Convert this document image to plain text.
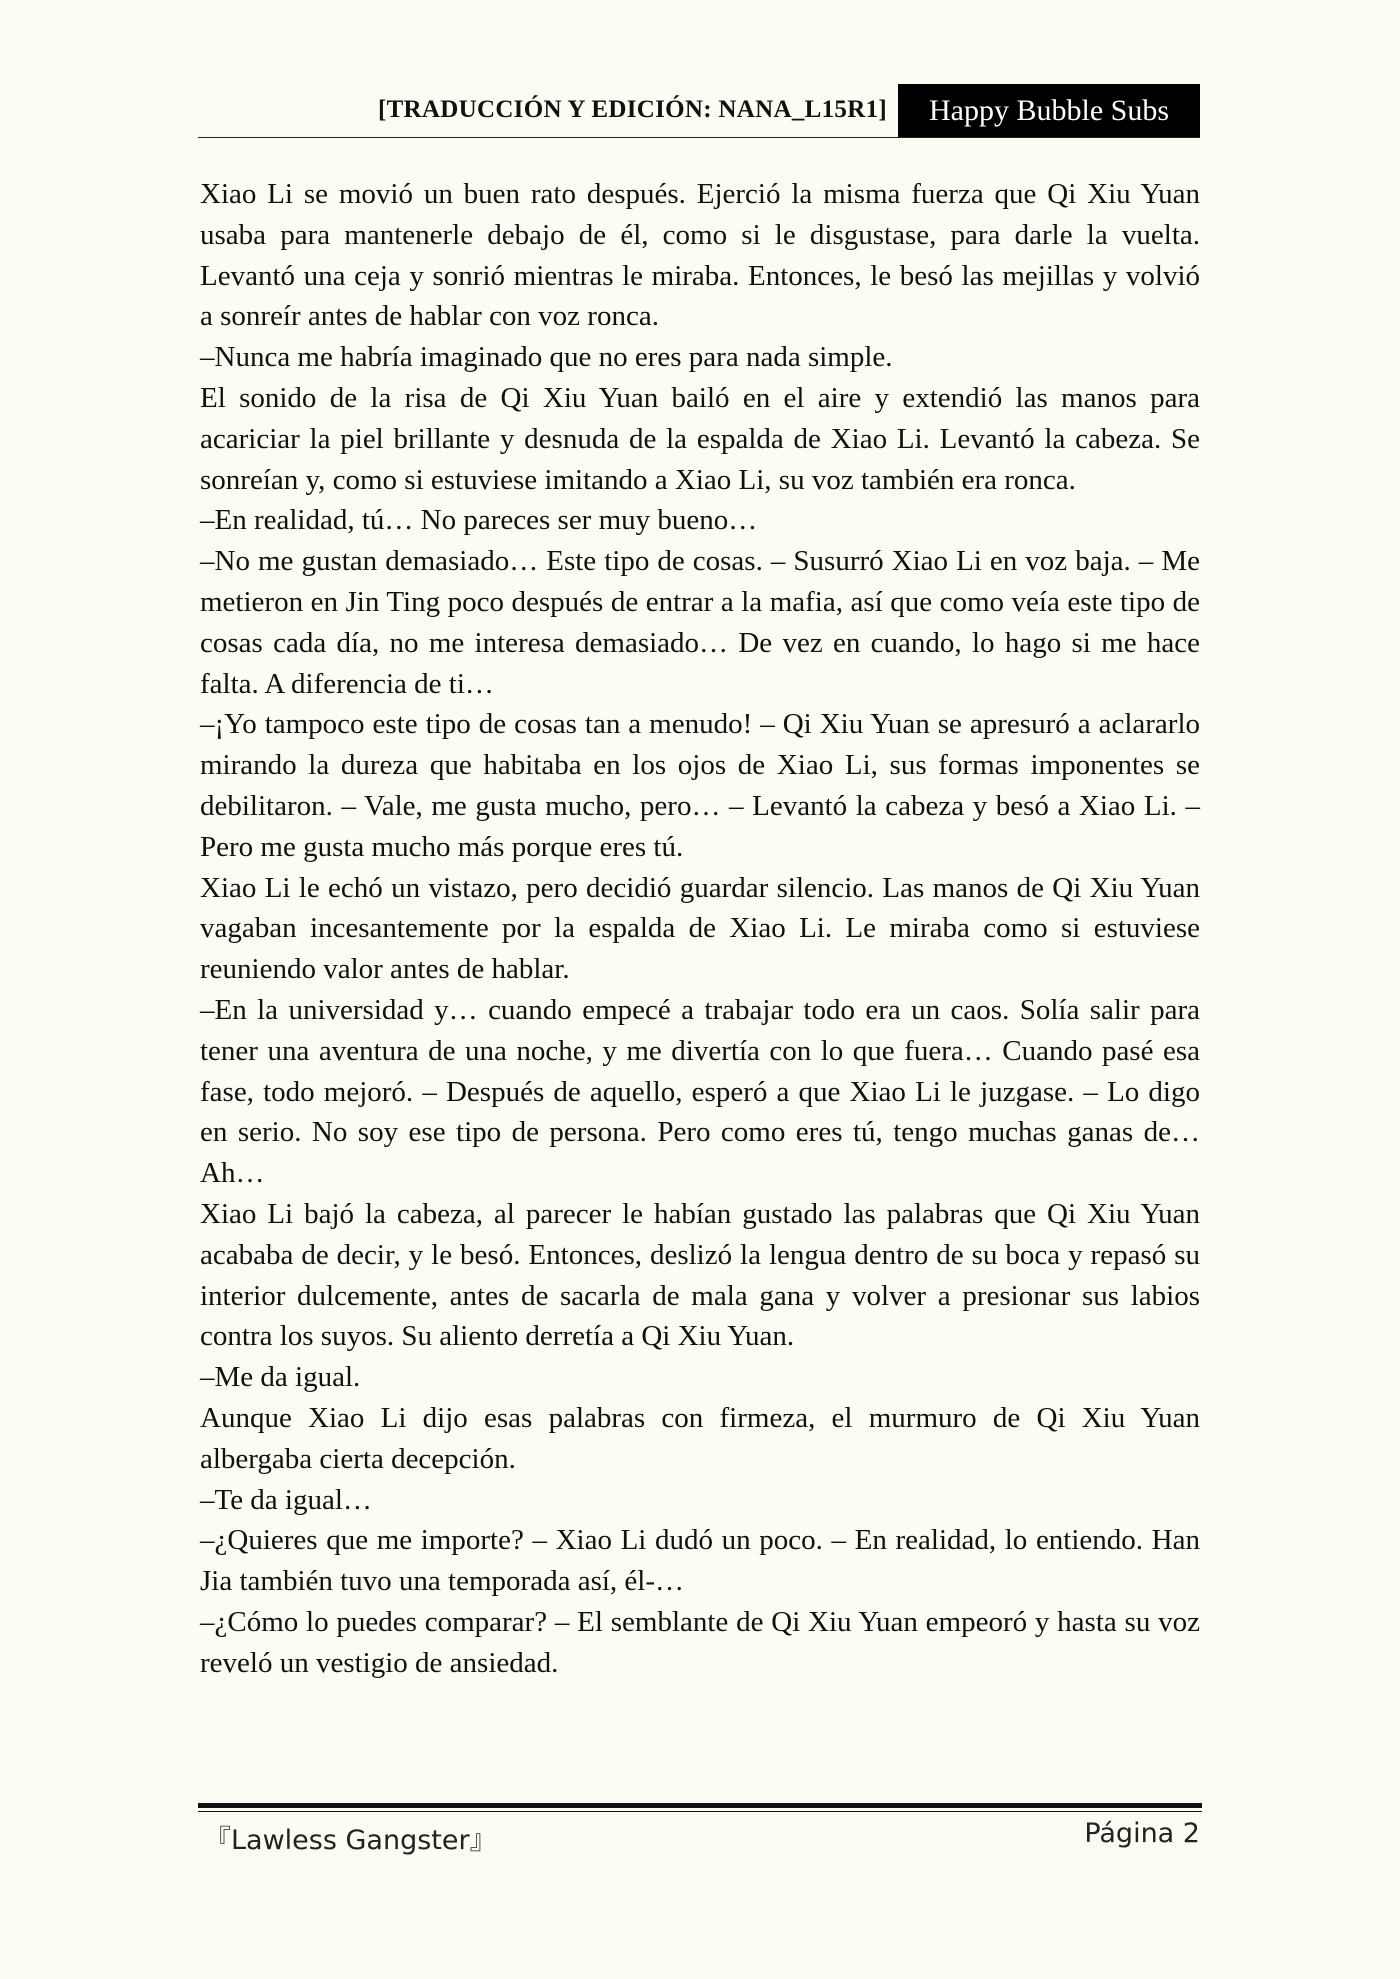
[TRADUCCIÓN Y EDICIÓN: NANA_L15R1]	Happy Bubble Subs

Xiao Li se movió un buen rato después. Ejerció la misma fuerza que Qi Xiu Yuan usaba para mantenerle debajo de él, como si le disgustase, para darle la vuelta. Levantó una ceja y sonrió mientras le miraba. Entonces, le besó las mejillas y volvió a sonreír antes de hablar con voz ronca.

–Nunca me habría imaginado que no eres para nada simple.

El sonido de la risa de Qi Xiu Yuan bailó en el aire y extendió las manos para acariciar la piel brillante y desnuda de la espalda de Xiao Li. Levantó la cabeza. Se sonreían y, como si estuviese imitando a Xiao Li, su voz también era ronca.

–En realidad, tú… No pareces ser muy bueno…

–No me gustan demasiado… Este tipo de cosas. – Susurró Xiao Li en voz baja. – Me metieron en Jin Ting poco después de entrar a la mafia, así que como veía este tipo de cosas cada día, no me interesa demasiado… De vez en cuando, lo hago si me hace falta. A diferencia de ti…

–¡Yo tampoco este tipo de cosas tan a menudo! – Qi Xiu Yuan se apresuró a aclararlo mirando la dureza que habitaba en los ojos de Xiao Li, sus formas imponentes se debilitaron. – Vale, me gusta mucho, pero… – Levantó la cabeza y besó a Xiao Li. – Pero me gusta mucho más porque eres tú.

Xiao Li le echó un vistazo, pero decidió guardar silencio. Las manos de Qi Xiu Yuan vagaban incesantemente por la espalda de Xiao Li. Le miraba como si estuviese reuniendo valor antes de hablar.

–En la universidad y… cuando empecé a trabajar todo era un caos. Solía salir para tener una aventura de una noche, y me divertía con lo que fuera… Cuando pasé esa fase, todo mejoró. – Después de aquello, esperó a que Xiao Li le juzgase. – Lo digo en serio. No soy ese tipo de persona. Pero como eres tú, tengo muchas ganas de… Ah…

Xiao Li bajó la cabeza, al parecer le habían gustado las palabras que Qi Xiu Yuan acababa de decir, y le besó. Entonces, deslizó la lengua dentro de su boca y repasó su interior dulcemente, antes de sacarla de mala gana y volver a presionar sus labios contra los suyos. Su aliento derretía a Qi Xiu Yuan.

–Me da igual.

Aunque Xiao Li dijo esas palabras con firmeza, el murmuro de Qi Xiu Yuan albergaba cierta decepción.

–Te da igual…

–¿Quieres que me importe? – Xiao Li dudó un poco. – En realidad, lo entiendo. Han Jia también tuvo una temporada así, él-…

–¿Cómo lo puedes comparar? – El semblante de Qi Xiu Yuan empeoró y hasta su voz reveló un vestigio de ansiedad.

『Lawless Gangster』	Página 2
